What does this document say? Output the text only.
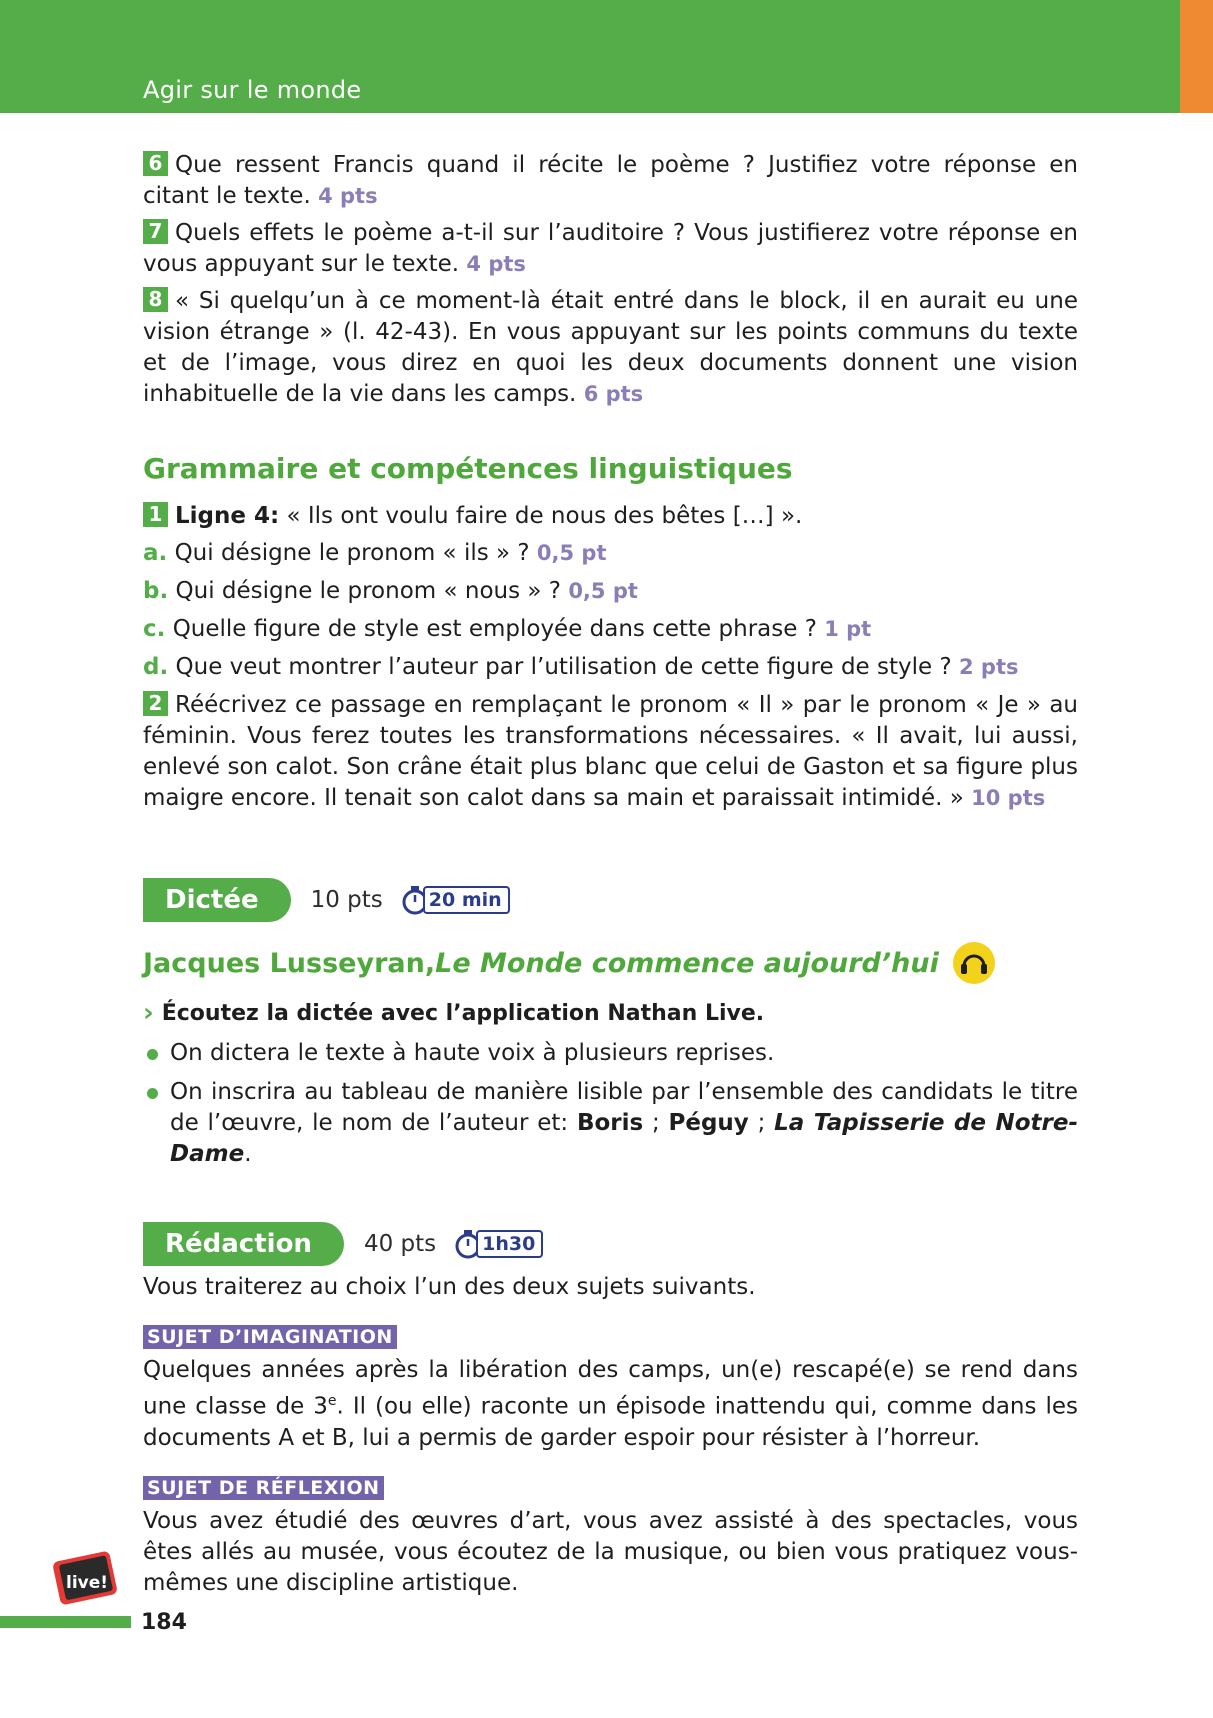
Agir sur le monde

6 Que ressent Francis quand il récite le poème ? Justifiez votre réponse en citant le texte. 4 pts

7 Quels effets le poème a-t-il sur l’auditoire ? Vous justifierez votre réponse en vous appuyant sur le texte. 4 pts

8 « Si quelqu’un à ce moment-là était entré dans le block, il en aurait eu une vision étrange » (l. 42-43). En vous appuyant sur les points communs du texte et de l’image, vous direz en quoi les deux documents donnent une vision inhabituelle de la vie dans les camps. 6 pts

Grammaire et compétences linguistiques

1 Ligne 4: « Ils ont voulu faire de nous des bêtes […] ».

a. Qui désigne le pronom « ils » ? 0,5 pt

b. Qui désigne le pronom « nous » ? 0,5 pt

c. Quelle figure de style est employée dans cette phrase ? 1 pt

d. Que veut montrer l’auteur par l’utilisation de cette figure de style ? 2 pts

2 Réécrivez ce passage en remplaçant le pronom « Il » par le pronom « Je » au féminin. Vous ferez toutes les transformations nécessaires. « Il avait, lui aussi, enlevé son calot. Son crâne était plus blanc que celui de Gaston et sa figure plus maigre encore. Il tenait son calot dans sa main et paraissait intimidé. » 10 pts

Dictée	10 pts	20 min
Jacques Lusseyran, Le Monde commence aujourd’hui
› Écoutez la dictée avec l’application Nathan Live.
On dictera le texte à haute voix à plusieurs reprises.
On inscrira au tableau de manière lisible par l’ensemble des candidats le titre de l’œuvre, le nom de l’auteur et: Boris ; Péguy ; La Tapisserie de Notre-Dame.
Rédaction	40 pts	1h30

Vous traiterez au choix l’un des deux sujets suivants.

SUJET D’IMAGINATION

Quelques années après la libération des camps, un(e) rescapé(e) se rend dans une classe de 3e. Il (ou elle) raconte un épisode inattendu qui, comme dans les documents A et B, lui a permis de garder espoir pour résister à l’horreur.

SUJET DE RÉFLEXION

Vous avez étudié des œuvres d’art, vous avez assisté à des spectacles, vous êtes allés au musée, vous écoutez de la musique, ou bien vous pratiquez vous-mêmes une discipline artistique.

live!
184
